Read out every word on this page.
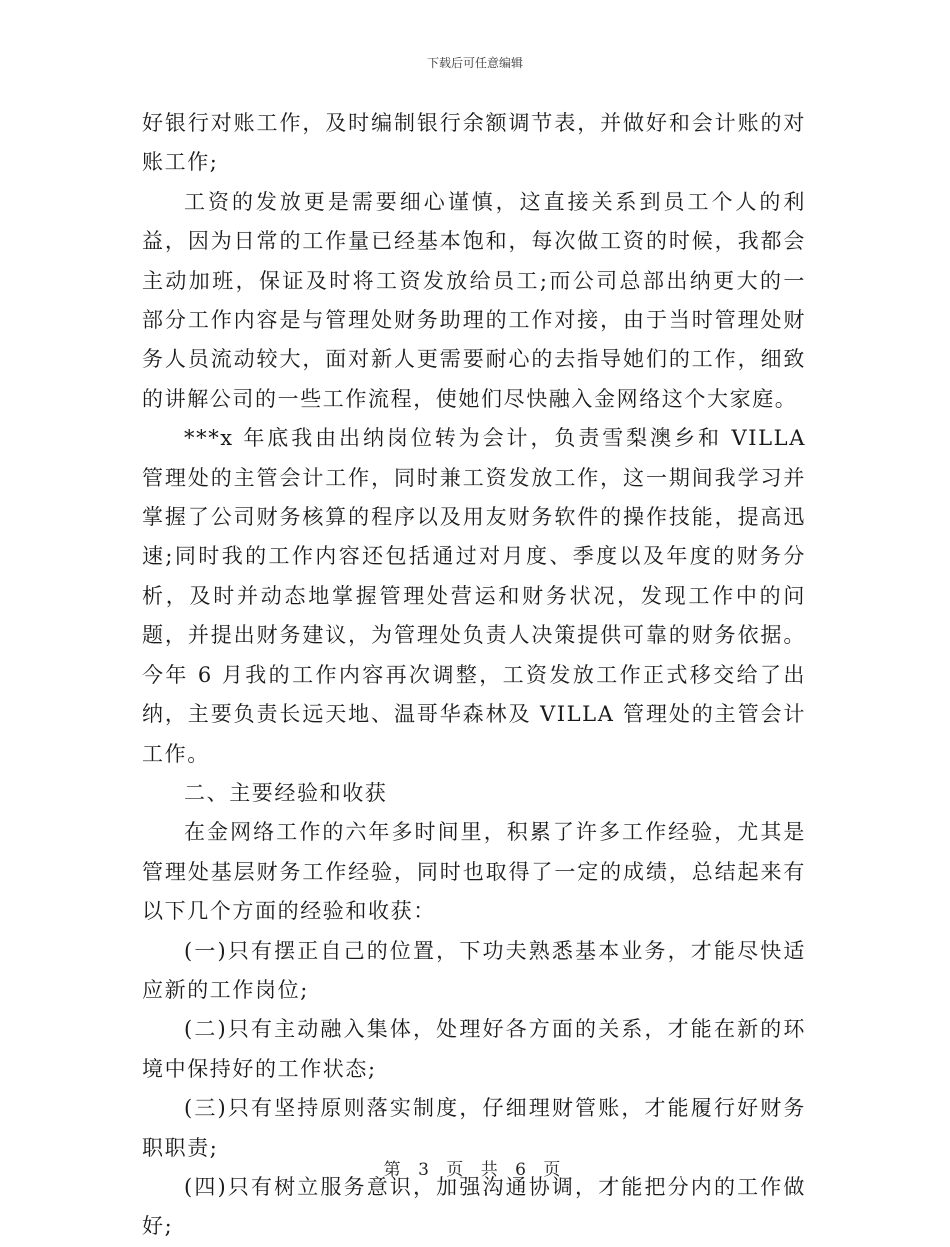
下载后可任意编辑

好银行对账工作，及时编制银行余额调节表，并做好和会计账的对账工作;

工资的发放更是需要细心谨慎，这直接关系到员工个人的利益，因为日常的工作量已经基本饱和，每次做工资的时候，我都会主动加班，保证及时将工资发放给员工;而公司总部出纳更大的一部分工作内容是与管理处财务助理的工作对接，由于当时管理处财务人员流动较大，面对新人更需要耐心的去指导她们的工作，细致的讲解公司的一些工作流程，使她们尽快融入金网络这个大家庭。

***x 年底我由出纳岗位转为会计，负责雪梨澳乡和 VILLA 管理处的主管会计工作，同时兼工资发放工作，这一期间我学习并掌握了公司财务核算的程序以及用友财务软件的操作技能，提高迅速;同时我的工作内容还包括通过对月度、季度以及年度的财务分析，及时并动态地掌握管理处营运和财务状况，发现工作中的问题，并提出财务建议，为管理处负责人决策提供可靠的财务依据。今年 6 月我的工作内容再次调整，工资发放工作正式移交给了出纳，主要负责长远天地、温哥华森林及 VILLA 管理处的主管会计工作。

二、主要经验和收获

在金网络工作的六年多时间里，积累了许多工作经验，尤其是管理处基层财务工作经验，同时也取得了一定的成绩，总结起来有以下几个方面的经验和收获：

(一)只有摆正自己的位置，下功夫熟悉基本业务，才能尽快适应新的工作岗位;

(二)只有主动融入集体，处理好各方面的关系，才能在新的环境中保持好的工作状态;

(三)只有坚持原则落实制度，仔细理财管账，才能履行好财务职职责;

(四)只有树立服务意识，加强沟通协调，才能把分内的工作做好;

第 3 页 共 6 页
